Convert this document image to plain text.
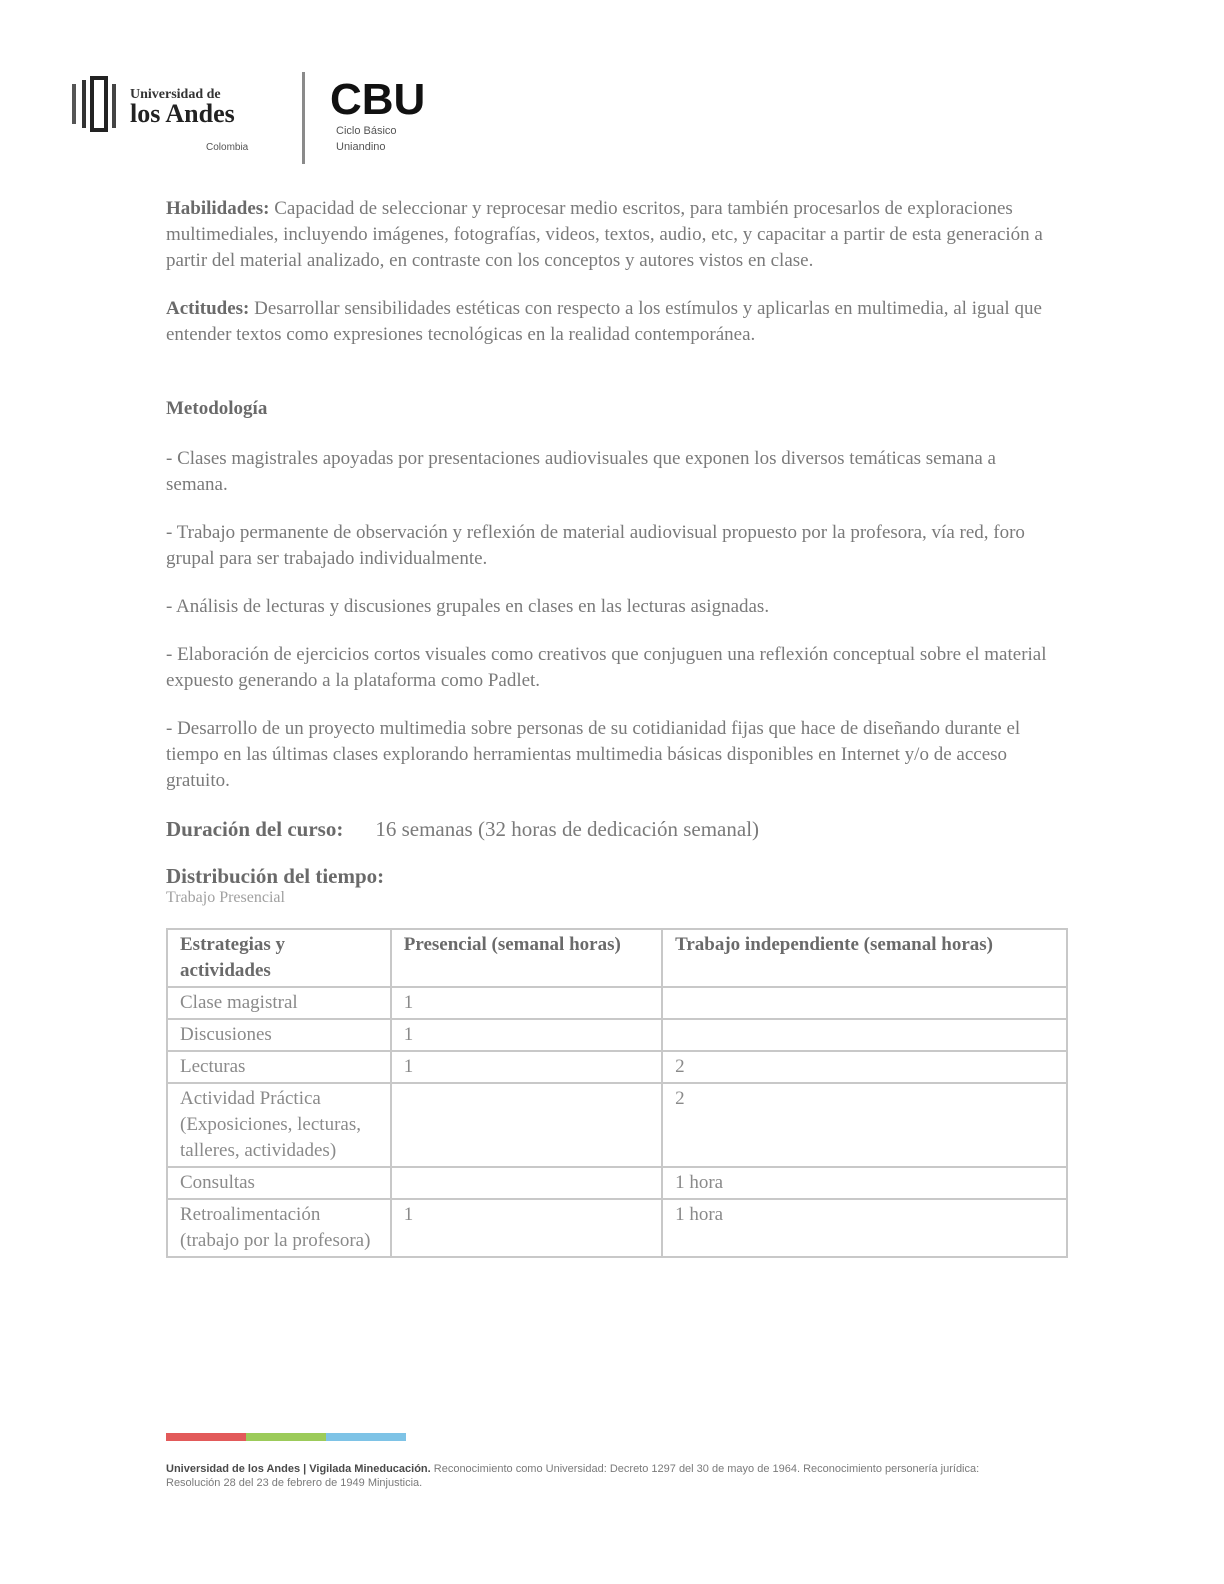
Universidad de
los Andes
Colombia
CBU
Ciclo Básico
Uniandino

Habilidades: Capacidad de seleccionar y reprocesar medio escritos, para también procesarlos de exploraciones multimediales, incluyendo imágenes, fotografías, videos, textos, audio, etc, y capacitar a partir de esta generación a partir del material analizado, en contraste con los conceptos y autores vistos en clase.

Actitudes: Desarrollar sensibilidades estéticas con respecto a los estímulos y aplicarlas en multimedia, al igual que entender textos como expresiones tecnológicas en la realidad contemporánea.

Metodología

- Clases magistrales apoyadas por presentaciones audiovisuales que exponen los diversos temáticas semana a semana.

- Trabajo permanente de observación y reflexión de material audiovisual propuesto por la profesora, vía red, foro grupal para ser trabajado individualmente.

- Análisis de lecturas y discusiones grupales en clases en las lecturas asignadas.

- Elaboración de ejercicios cortos visuales como creativos que conjuguen una reflexión conceptual sobre el material expuesto generando a la plataforma como Padlet.

- Desarrollo de un proyecto multimedia sobre personas de su cotidianidad fijas que hace de diseñando durante el tiempo en las últimas clases explorando herramientas multimedia básicas disponibles en Internet y/o de acceso gratuito.

Duración del curso: 16 semanas (32 horas de dedicación semanal)
Distribución del tiempo:
Trabajo Presencial
Estrategias y actividades	Presencial (semanal horas)	Trabajo independiente (semanal horas)
Clase magistral	1	
Discusiones	1	
Lecturas	1	2
Actividad Práctica (Exposiciones, lecturas, talleres, actividades)		2
Consultas		1 hora
Retroalimentación (trabajo por la profesora)	1	1 hora
Universidad de los Andes | Vigilada Mineducación. Reconocimiento como Universidad: Decreto 1297 del 30 de mayo de 1964. Reconocimiento personería jurídica: Resolución 28 del 23 de febrero de 1949 Minjusticia.
